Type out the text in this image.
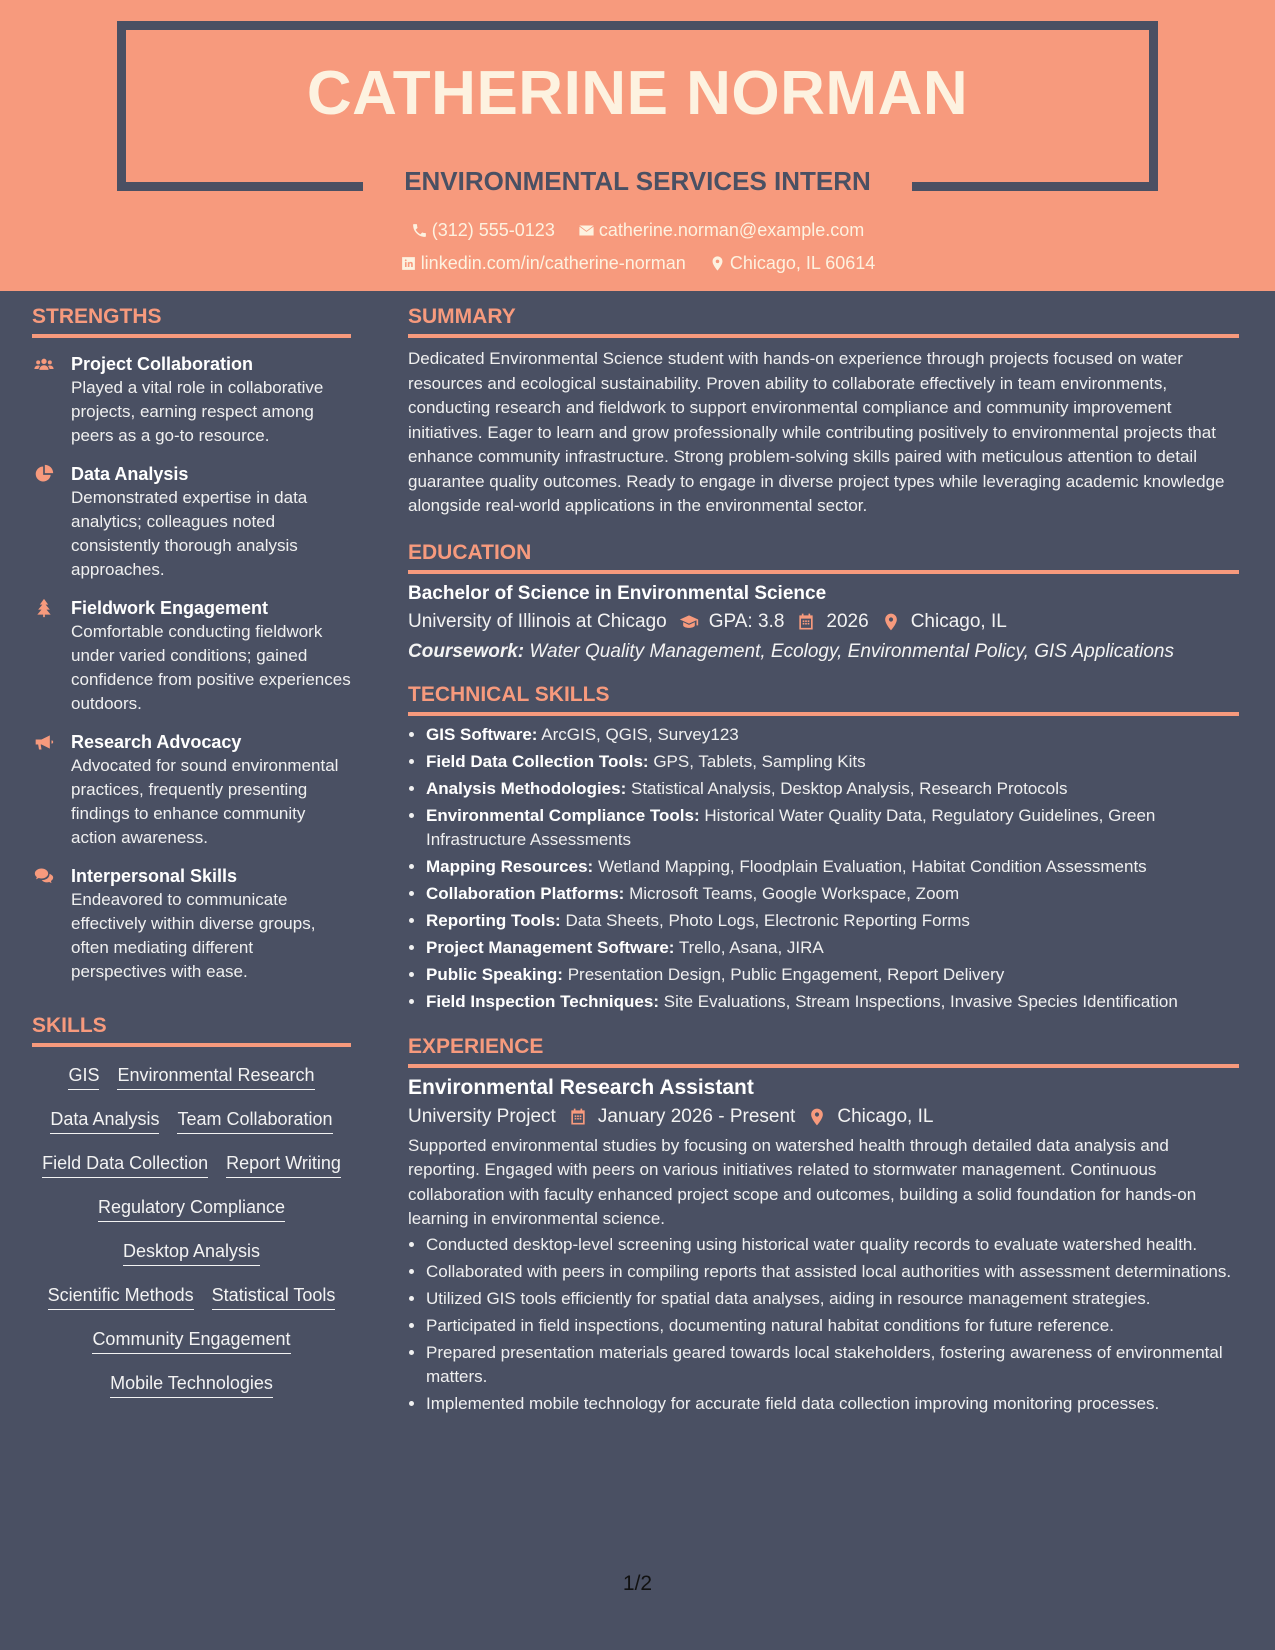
CATHERINE NORMAN
ENVIRONMENTAL SERVICES INTERN
(312) 555-0123
catherine.norman@example.com
linkedin.com/in/catherine-norman
Chicago, IL 60614
STRENGTHS
Project Collaboration
Played a vital role in collaborative projects, earning respect among peers as a go-to resource.
Data Analysis
Demonstrated expertise in data analytics; colleagues noted consistently thorough analysis approaches.
Fieldwork Engagement
Comfortable conducting fieldwork under varied conditions; gained confidence from positive experiences outdoors.
Research Advocacy
Advocated for sound environmental practices, frequently presenting findings to enhance community action awareness.
Interpersonal Skills
Endeavored to communicate effectively within diverse groups, often mediating different perspectives with ease.
SKILLS
GIS Environmental Research
Data Analysis Team Collaboration
Field Data Collection Report Writing
Regulatory Compliance
Desktop Analysis
Scientific Methods Statistical Tools
Community Engagement
Mobile Technologies
SUMMARY
Dedicated Environmental Science student with hands-on experience through projects focused on water resources and ecological sustainability. Proven ability to collaborate effectively in team environments, conducting research and fieldwork to support environmental compliance and community improvement initiatives. Eager to learn and grow professionally while contributing positively to environmental projects that enhance community infrastructure. Strong problem-solving skills paired with meticulous attention to detail guarantee quality outcomes. Ready to engage in diverse project types while leveraging academic knowledge alongside real-world applications in the environmental sector.
EDUCATION
Bachelor of Science in Environmental Science
University of Illinois at Chicago GPA: 3.8 2026 Chicago, IL
Coursework: Water Quality Management, Ecology, Environmental Policy, GIS Applications
TECHNICAL SKILLS
• GIS Software: ArcGIS, QGIS, Survey123
• Field Data Collection Tools: GPS, Tablets, Sampling Kits
• Analysis Methodologies: Statistical Analysis, Desktop Analysis, Research Protocols
• Environmental Compliance Tools: Historical Water Quality Data, Regulatory Guidelines, Green Infrastructure Assessments
• Mapping Resources: Wetland Mapping, Floodplain Evaluation, Habitat Condition Assessments
• Collaboration Platforms: Microsoft Teams, Google Workspace, Zoom
• Reporting Tools: Data Sheets, Photo Logs, Electronic Reporting Forms
• Project Management Software: Trello, Asana, JIRA
• Public Speaking: Presentation Design, Public Engagement, Report Delivery
• Field Inspection Techniques: Site Evaluations, Stream Inspections, Invasive Species Identification
EXPERIENCE
Environmental Research Assistant
University Project January 2026 - Present Chicago, IL
Supported environmental studies by focusing on watershed health through detailed data analysis and reporting. Engaged with peers on various initiatives related to stormwater management. Continuous collaboration with faculty enhanced project scope and outcomes, building a solid foundation for hands-on learning in environmental science.
• Conducted desktop-level screening using historical water quality records to evaluate watershed health.
• Collaborated with peers in compiling reports that assisted local authorities with assessment determinations.
• Utilized GIS tools efficiently for spatial data analyses, aiding in resource management strategies.
• Participated in field inspections, documenting natural habitat conditions for future reference.
• Prepared presentation materials geared towards local stakeholders, fostering awareness of environmental matters.
• Implemented mobile technology for accurate field data collection improving monitoring processes.
1/2
